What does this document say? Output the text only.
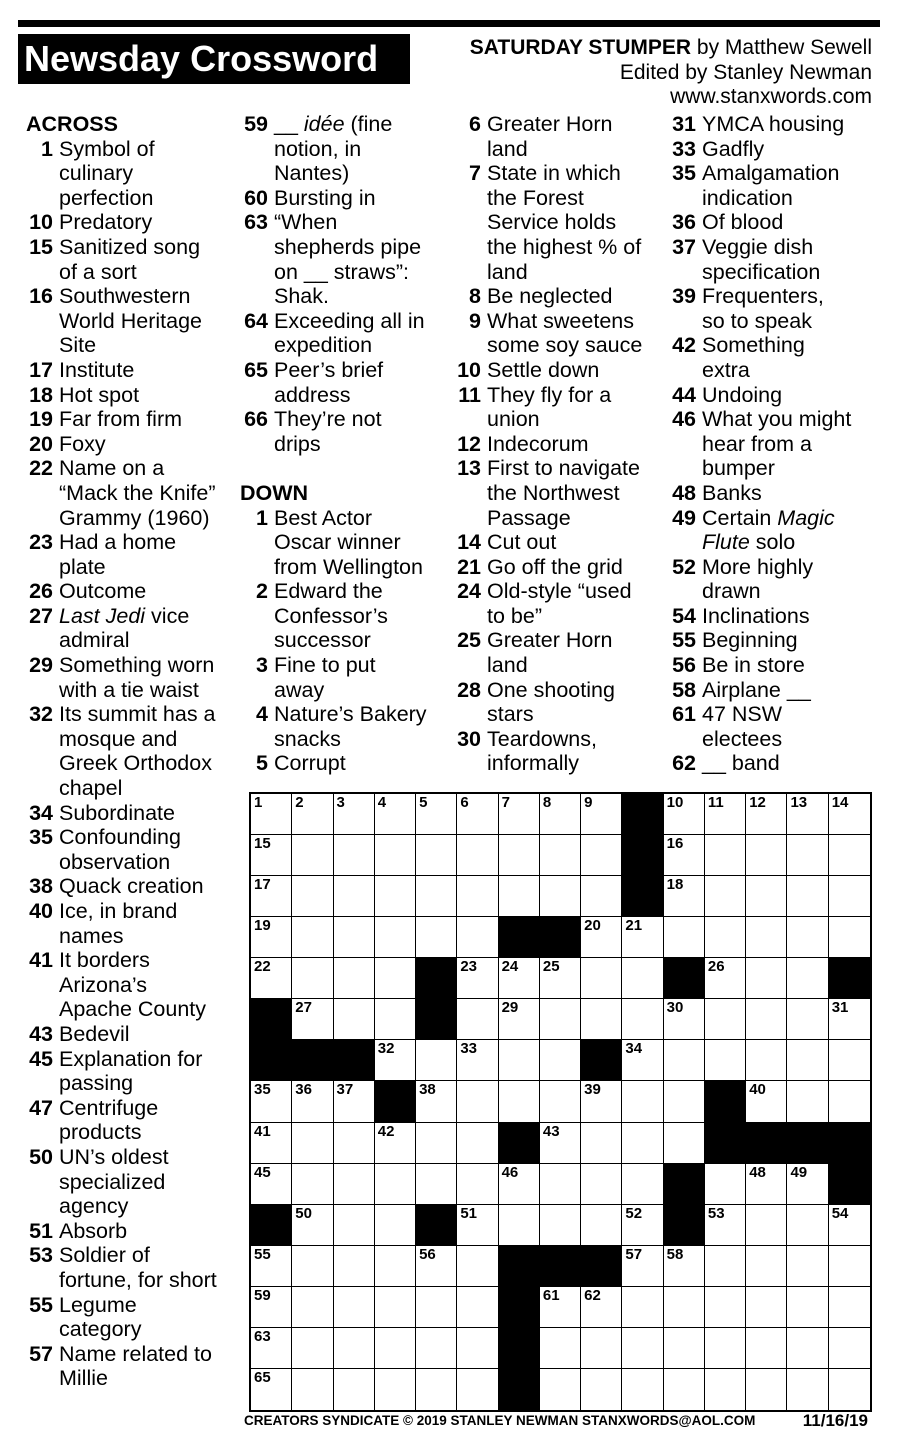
Newsday Crossword	SATURDAY STUMPER by Matthew Sewell
Edited by Stanley Newman
www.stanxwords.com
ACROSS
1 Symbol of culinary perfection
10 Predatory
15 Sanitized song of a sort
16 Southwestern World Heritage Site
17 Institute
18 Hot spot
19 Far from firm
20 Foxy
22 Name on a “Mack the Knife” Grammy (1960)
23 Had a home plate
26 Outcome
27 Last Jedi vice admiral
29 Something worn with a tie waist
32 Its summit has a mosque and Greek Orthodox chapel
34 Subordinate
35 Confounding observation
38 Quack creation
40 Ice, in brand names
41 It borders Arizona’s Apache County
43 Bedevil
45 Explanation for passing
47 Centrifuge products
50 UN’s oldest specialized agency
51 Absorb
53 Soldier of fortune, for short
55 Legume category
57 Name related to Millie
59 __ idée (fine notion, in Nantes)
60 Bursting in
63 “When shepherds pipe on __ straws”: Shak.
64 Exceeding all in expedition
65 Peer’s brief address
66 They’re not drips
DOWN
1 Best Actor Oscar winner from Wellington
2 Edward the Confessor’s successor
3 Fine to put away
4 Nature’s Bakery snacks
5 Corrupt
6 Greater Horn land
7 State in which the Forest Service holds the highest % of land
8 Be neglected
9 What sweetens some soy sauce
10 Settle down
11 They fly for a union
12 Indecorum
13 First to navigate the Northwest Passage
14 Cut out
21 Go off the grid
24 Old-style “used to be”
25 Greater Horn land
28 One shooting stars
30 Teardowns, informally
31 YMCA housing
33 Gadfly
35 Amalgamation indication
36 Of blood
37 Veggie dish specification
39 Frequenters, so to speak
42 Something extra
44 Undoing
46 What you might hear from a bumper
48 Banks
49 Certain Magic Flute solo
52 More highly drawn
54 Inclinations
55 Beginning
56 Be in store
58 Airplane __
61 47 NSW electees
62 __ band
1 2 3 4 5 6 7 8 9	10 11 12 13 14
15	16
17	18
19	20 21
22	23 24 25	26
27	29	30	31
32	33	34
35 36 37	38	39	40
41	42	43
45	46	48 49
50	51	52	53	54
55	56	57 58
59	61 62
63
65
CREATORS SYNDICATE © 2019 STANLEY NEWMAN STANXWORDS@AOL.COM	11/16/19
